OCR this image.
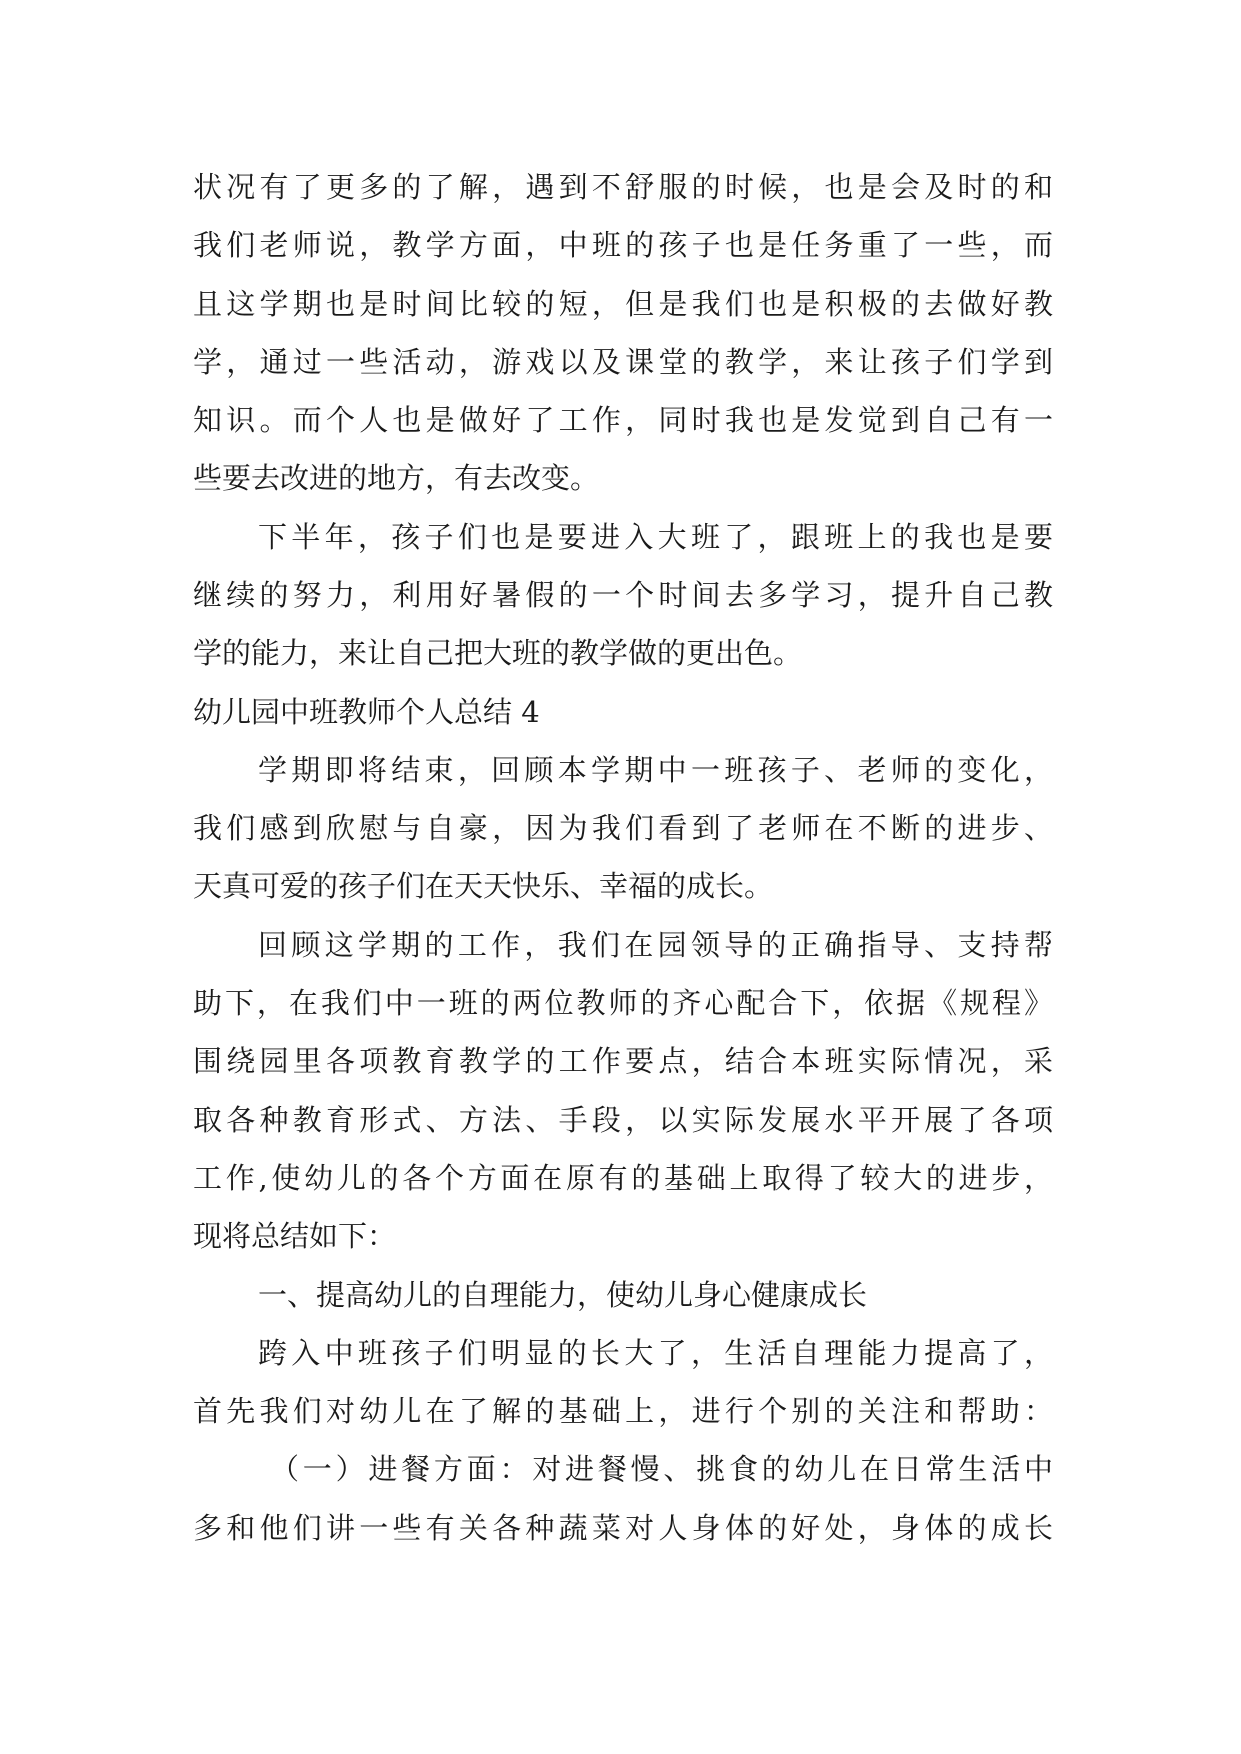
状况有了更多的了解，遇到不舒服的时候，也是会及时的和
我们老师说，教学方面，中班的孩子也是任务重了一些，而
且这学期也是时间比较的短，但是我们也是积极的去做好教
学，通过一些活动，游戏以及课堂的教学，来让孩子们学到
知识。而个人也是做好了工作，同时我也是发觉到自己有一
些要去改进的地方，有去改变。
下半年，孩子们也是要进入大班了，跟班上的我也是要
继续的努力，利用好暑假的一个时间去多学习，提升自己教
学的能力，来让自己把大班的教学做的更出色。
幼儿园中班教师个人总结 4
学期即将结束，回顾本学期中一班孩子、老师的变化，
我们感到欣慰与自豪，因为我们看到了老师在不断的进步、
天真可爱的孩子们在天天快乐、幸福的成长。
回顾这学期的工作，我们在园领导的正确指导、支持帮
助下，在我们中一班的两位教师的齐心配合下，依据《规程》
围绕园里各项教育教学的工作要点，结合本班实际情况，采
取各种教育形式、方法、手段，以实际发展水平开展了各项
工作,使幼儿的各个方面在原有的基础上取得了较大的进步，
现将总结如下：
一、提高幼儿的自理能力，使幼儿身心健康成长
跨入中班孩子们明显的长大了，生活自理能力提高了，
首先我们对幼儿在了解的基础上，进行个别的关注和帮助：
（一）进餐方面：对进餐慢、挑食的幼儿在日常生活中
多和他们讲一些有关各种蔬菜对人身体的好处，身体的成长
